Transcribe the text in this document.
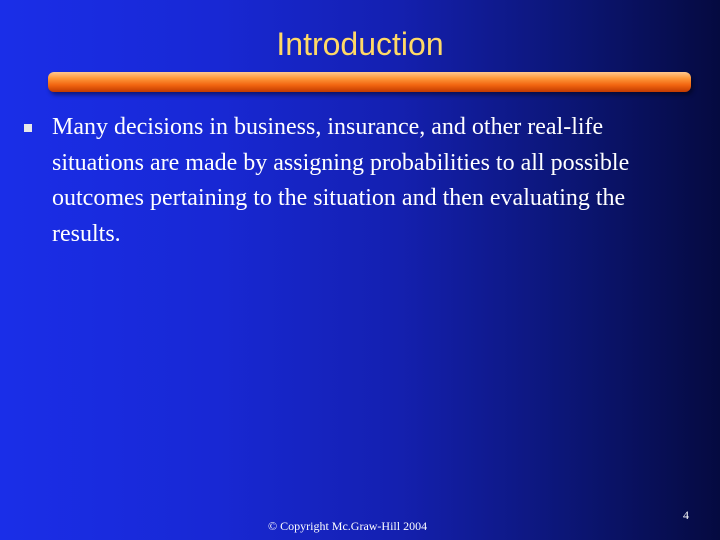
Introduction

Many decisions in business, insurance, and other real-life situations are made by assigning probabilities to all possible outcomes pertaining to the situation and then evaluating the results.

© Copyright Mc.Graw-Hill 2004
4
